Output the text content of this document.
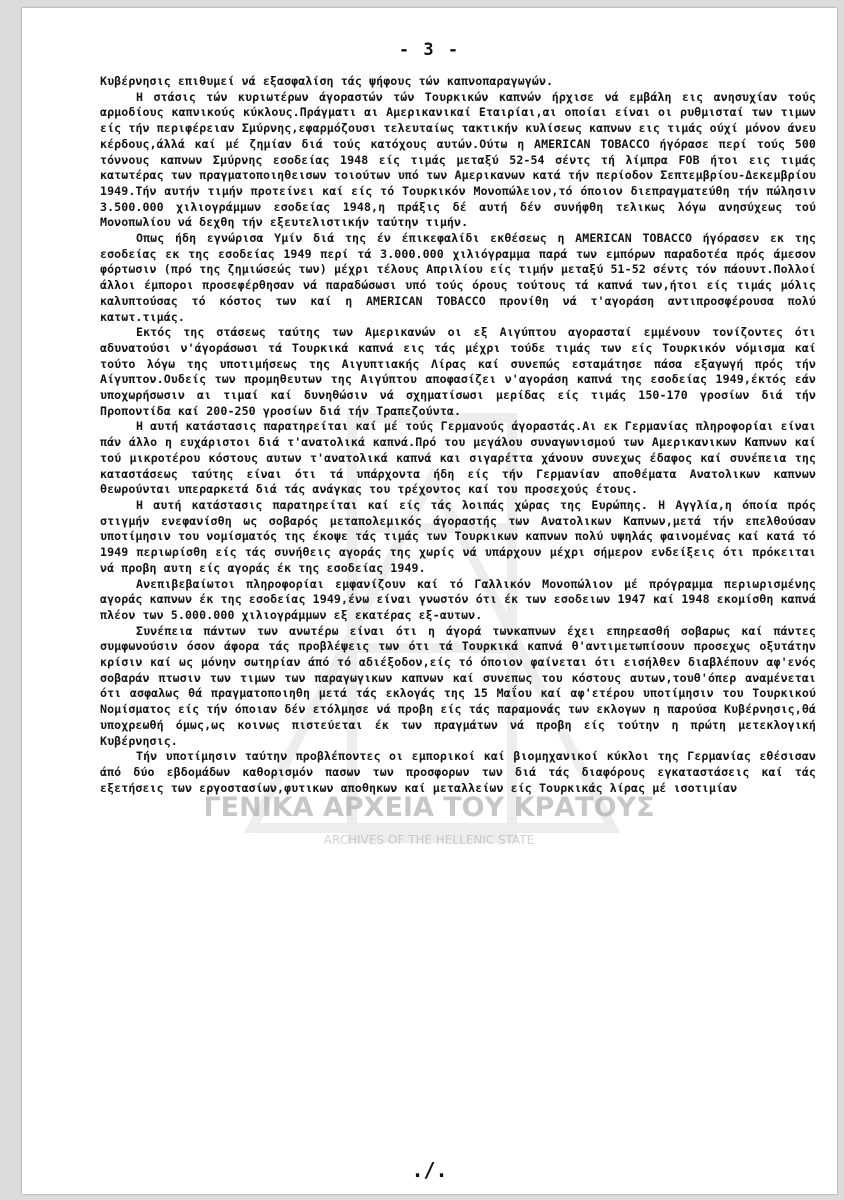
ΓΕΝΙΚΑ ΑΡΧΕΙΑ ΤΟΥ ΚΡΑΤΟΥΣ
ARCHIVES OF THE HELLENIC STATE
- 3 -

Κυβέρνησις επιθυμεί νά εξασφαλίση τάς ψήφους τών καπνοπαραγωγών.

Η στάσις τών κυριωτέρων άγοραστών τών Τουρκικών καπνών ήρχισε νά εμβάλη εις ανησυχίαν τούς αρμοδίους καπνικούς κύκλους.Πράγματι αι Αμερικανικαί Εταιρίαι,αι οποίαι είναι οι ρυθμισταί των τιμων είς τήν περιφέρειαν Σμύρνης,εφαρμόζουσι τελευταίως τακτικήν κυλίσεως καπνων εις τιμάς ούχί μόνον άνευ κέρδους,άλλά καί μέ ζημίαν διά τούς κατόχους αυτών.Ούτω η AMERICAN TOBACCO ήγόρασε περί τούς 500 τόννους καπνων Σμύρνης εσοδείας 1948 είς τιμάς μεταξύ 52-54 σέντς τή λίμπρα FOB ήτοι εις τιμάς κατωτέρας των πραγματοποιηθεισων τοιούτων υπό των Αμερικανων κατά τήν περίοδον Σεπτεμβρίου-Δεκεμβρίου 1949.Τήν αυτήν τιμήν προτείνει καί είς τό Τουρκικόν Μονοπώλειον,τό όποιον διεπραγματεύθη τήν πώλησιν 3.500.000 χιλιογράμμων εσοδείας 1948,η πράξις δέ αυτή δέν συνήφθη τελικως λόγω ανησύχεως τού Μονοπωλίου νά δεχθη τήν εξευτελιστικήν ταύτην τιμήν.

Οπως ήδη εγνώρισα Υμίν διά της έν έπικεφαλίδι εκθέσεως η AMERICAN TOBACCO ήγόρασεν εκ της εσοδείας εκ της εσοδείας 1949 περί τά 3.000.000 χιλιόγραμμα παρά των εμπόρων παραδοτέα πρός άμεσον φόρτωσιν (πρό της ζημιώσεώς των) μέχρι τέλους Απριλίου είς τιμήν μεταξύ 51-52 σέντς τόν πάουντ.Πολλοί άλλοι έμποροι προσεφέρθησαν νά παραδώσωσι υπό τούς όρους τούτους τά καπνά των,ήτοι είς τιμάς μόλις καλυπτούσας τό κόστος των καί η AMERICAN TOBACCO προνίθη νά τ'αγοράση αντιπροσφέρουσα πολύ κατωτ.τιμάς.

Εκτός της στάσεως ταύτης των Αμερικανών οι εξ Αιγύπτου αγορασταί εμμένουν τονίζοντες ότι αδυνατούσι ν'άγοράσωσι τά Τουρκικά καπνά εις τάς μέχρι τούδε τιμάς των είς Τουρκικόν νόμισμα καί τούτο λόγω της υποτιμήσεως της Αιγυπτιακής Λίρας καί συνεπώς εσταμάτησε πάσα εξαγωγή πρός τήν Αίγυπτον.Ουδείς των προμηθευτων της Αιγύπτου αποφασίζει ν'αγοράση καπνά της εσοδείας 1949,έκτός εάν υποχωρήσωσιν αι τιμαί καί δυνηθώσιν νά σχηματίσωσι μερίδας είς τιμάς 150-170 γροσίων διά τήν Προποντίδα καί 200-250 γροσίων διά τήν Τραπεζούντα.

Η αυτή κατάστασις παρατηρείται καί μέ τούς Γερμανούς άγοραστάς.Αι εκ Γερμανίας πληροφορίαι είναι πάν άλλο η ευχάριστοι διά τ'ανατολικά καπνά.Πρό του μεγάλου συναγωνισμού των Αμερικανικων Καπνων καί τού μικροτέρου κόστους αυτων τ'ανατολικά καπνά και σιγαρέττα χάνουν συνεχως έδαφος καί συνέπεια της καταστάσεως ταύτης είναι ότι τά υπάρχοντα ήδη είς τήν Γερμανίαν αποθέματα Ανατολικων καπνων θεωρούνται υπεραρκετά διά τάς ανάγκας του τρέχοντος καί του προσεχούς έτους.

Η αυτή κατάστασις παρατηρείται καί είς τάς λοιπάς χώρας της Ευρώπης. Η Αγγλία,η όποία πρός στιγμήν ενεφανίσθη ως σοβαρός μεταπολεμικός άγοραστής των Ανατολικων Καπνων,μετά τήν επελθούσαν υποτίμησιν του νομίσματός της έκοψε τάς τιμάς των Τουρκικων καπνων πολύ υψηλάς φαινομένας καί κατά τό 1949 περιωρίσθη είς τάς συνήθεις αγοράς της χωρίς νά υπάρχουν μέχρι σήμερον ενδείξεις ότι πρόκειται νά προβη αυτη είς αγοράς έκ της εσοδείας 1949.

Ανεπιβεβαίωτοι πληροφορίαι εμφανίζουν καί τό Γαλλικόν Μονοπώλιον μέ πρόγραμμα περιωρισμένης αγοράς καπνων έκ της εσοδείας 1949,ένω είναι γνωστόν ότι έκ των εσοδειων 1947 καί 1948 εκομίσθη καπνά πλέον των 5.000.000 χιλιογράμμων εξ εκατέρας εξ-αυτων.

Συνέπεια πάντων των ανωτέρω είναι ότι η άγορά τωνκαπνων έχει επηρεασθή σοβαρως καί πάντες συμφωνούσιν όσον άφορα τάς προβλέψεις των ότι τά Τουρκικά καπνά θ'αντιμετωπίσουν προσεχως οξυτάτην κρίσιν καί ως μόνην σωτηρίαν άπό τό αδιέξοδον,είς τό όποιον φαίνεται ότι εισήλθεν διαβλέπουν αφ'ενός σοβαράν πτωσιν των τιμων των παραγωγικων καπνων καί συνεπως του κόστους αυτων,τουθ'όπερ αναμένεται ότι ασφαλως θά πραγματοποιηθη μετά τάς εκλογάς της 15 Μαΐου καί αφ'ετέρου υποτίμησιν του Τουρκικού Νομίσματος είς τήν όποιαν δέν ετόλμησε νά προβη είς τάς παραμονάς των εκλογων η παρούσα Κυβέρνησις,θά υποχρεωθή όμως,ως κοινως πιστεύεται έκ των πραγμάτων νά προβη είς τούτην η πρώτη μετεκλογική Κυβέρνησις.

Τήν υποτίμησιν ταύτην προβλέποντες οι εμπορικοί καί βιομηχανικοί κύκλοι της Γερμανίας εθέσισαν άπό δύο εβδομάδων καθορισμόν πασων των προσφορων των διά τάς διαφόρους εγκαταστάσεις καί τάς εξετήσεις των εργοστασίων,φυτικων αποθηκων καί μεταλλείων είς Τουρκικάς λίρας μέ ισοτιμίαν

./.
